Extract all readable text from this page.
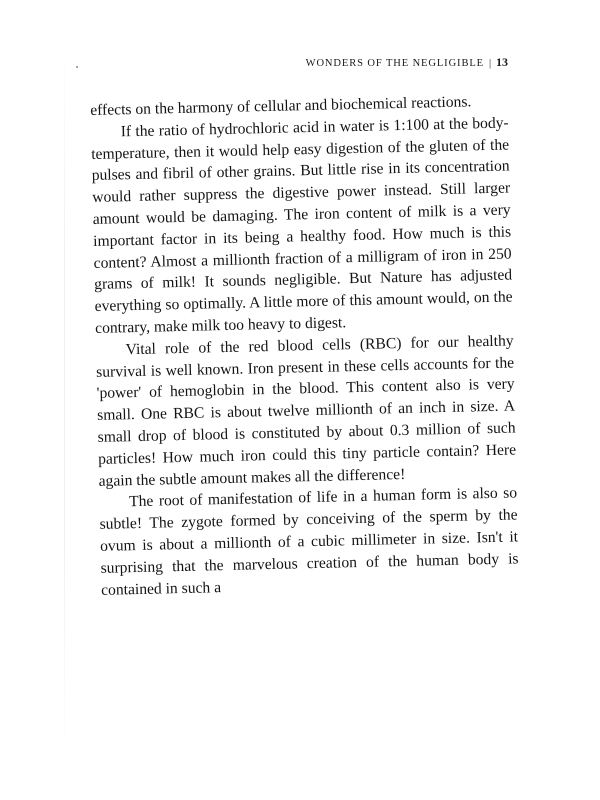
WONDERS OF THE NEGLIGIBLE | 13

effects on the harmony of cellular and biochemical reactions.

If the ratio of hydrochloric acid in water is 1:100 at the body-temperature, then it would help easy digestion of the gluten of the pulses and fibril of other grains. But little rise in its concentration would rather suppress the digestive power instead. Still larger amount would be damaging. The iron content of milk is a very important factor in its being a healthy food. How much is this content? Almost a millionth fraction of a milligram of iron in 250 grams of milk! It sounds negligible. But Nature has adjusted everything so optimally. A little more of this amount would, on the contrary, make milk too heavy to digest.

Vital role of the red blood cells (RBC) for our healthy survival is well known. Iron present in these cells accounts for the 'power' of hemoglobin in the blood. This content also is very small. One RBC is about twelve millionth of an inch in size. A small drop of blood is constituted by about 0.3 million of such particles! How much iron could this tiny particle contain? Here again the subtle amount makes all the difference!

The root of manifestation of life in a human form is also so subtle! The zygote formed by conceiving of the sperm by the ovum is about a millionth of a cubic millimeter in size. Isn't it surprising that the marvelous creation of the human body is contained in such a
